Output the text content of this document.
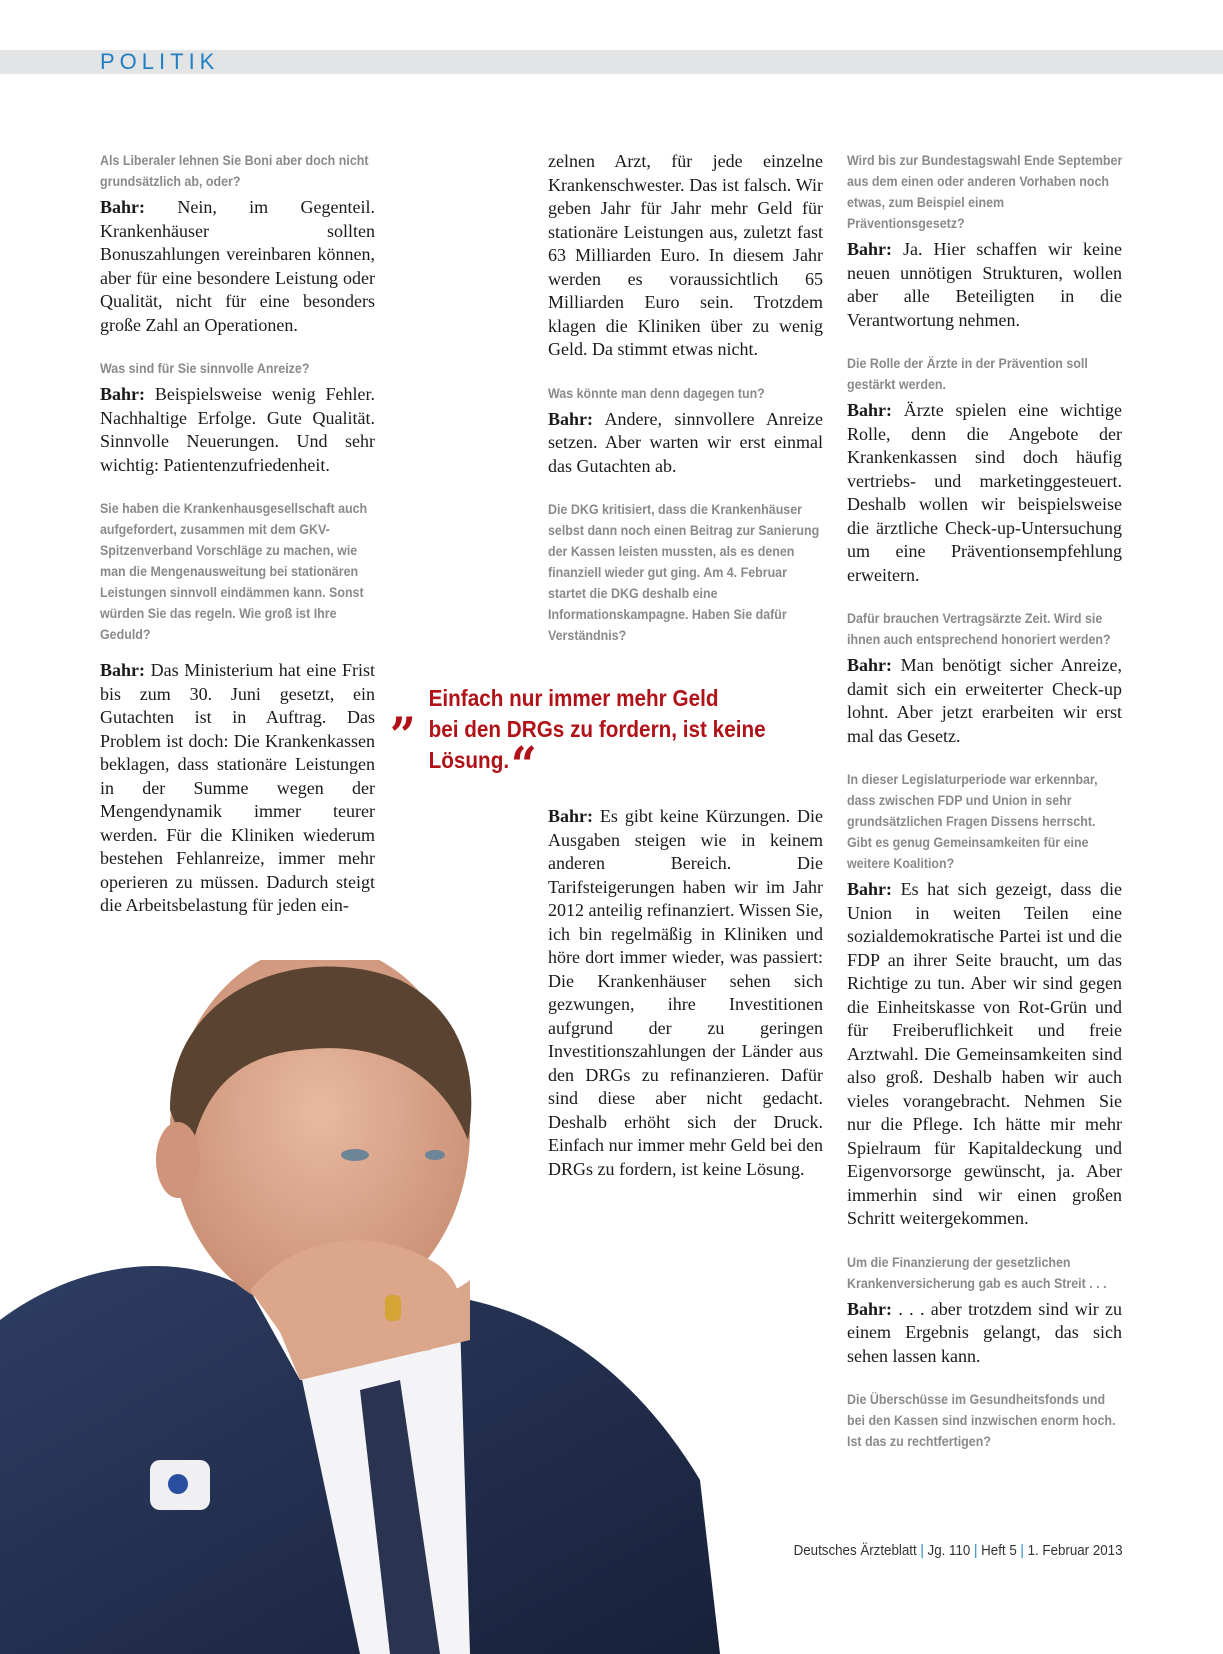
POLITIK
Als Liberaler lehnen Sie Boni aber doch nicht grundsätzlich ab, oder?

Bahr: Nein, im Gegenteil. Krankenhäuser sollten Bonuszahlungen vereinbaren können, aber für eine besondere Leistung oder Qualität, nicht für eine besonders große Zahl an Operationen.

Was sind für Sie sinnvolle Anreize?

Bahr: Beispielsweise wenig Fehler. Nachhaltige Erfolge. Gute Qualität. Sinnvolle Neuerungen. Und sehr wichtig: Patientenzufriedenheit.

Sie haben die Krankenhausgesellschaft auch aufgefordert, zusammen mit dem GKV-Spitzenverband Vorschläge zu machen, wie man die Mengenausweitung bei stationären Leistungen sinnvoll eindämmen kann. Sonst würden Sie das regeln. Wie groß ist Ihre Geduld?

Bahr: Das Ministerium hat eine Frist bis zum 30. Juni gesetzt, ein Gutachten ist in Auftrag. Das Problem ist doch: Die Krankenkassen beklagen, dass stationäre Leistungen in der Summe wegen der Mengendynamik immer teurer werden. Für die Kliniken wiederum bestehen Fehlanreize, immer mehr operieren zu müssen. Dadurch steigt die Arbeitsbelastung für jeden ein-

zelnen Arzt, für jede einzelne Krankenschwester. Das ist falsch. Wir geben Jahr für Jahr mehr Geld für stationäre Leistungen aus, zuletzt fast 63 Milliarden Euro. In diesem Jahr werden es voraussichtlich 65 Milliarden Euro sein. Trotzdem klagen die Kliniken über zu wenig Geld. Da stimmt etwas nicht.

Was könnte man denn dagegen tun?

Bahr: Andere, sinnvollere Anreize setzen. Aber warten wir erst einmal das Gutachten ab.

Die DKG kritisiert, dass die Krankenhäuser selbst dann noch einen Beitrag zur Sanierung der Kassen leisten mussten, als es denen finanziell wieder gut ging. Am 4. Februar startet die DKG deshalb eine Informationskampagne. Haben Sie dafür Verständnis?
„ Einfach nur immer mehr Geld
bei den DRGs zu fordern, ist keine
Lösung.“

Bahr: Es gibt keine Kürzungen. Die Ausgaben steigen wie in keinem anderen Bereich. Die Tarifsteigerungen haben wir im Jahr 2012 anteilig refinanziert. Wissen Sie, ich bin regelmäßig in Kliniken und höre dort immer wieder, was passiert: Die Krankenhäuser sehen sich gezwungen, ihre Investitionen aufgrund der zu geringen Investitionszahlungen der Länder aus den DRGs zu refinanzieren. Dafür sind diese aber nicht gedacht. Deshalb erhöht sich der Druck. Einfach nur immer mehr Geld bei den DRGs zu fordern, ist keine Lösung.

Wird bis zur Bundestagswahl Ende September aus dem einen oder anderen Vorhaben noch etwas, zum Beispiel einem Präventionsgesetz?

Bahr: Ja. Hier schaffen wir keine neuen unnötigen Strukturen, wollen aber alle Beteiligten in die Verantwortung nehmen.

Die Rolle der Ärzte in der Prävention soll gestärkt werden.

Bahr: Ärzte spielen eine wichtige Rolle, denn die Angebote der Krankenkassen sind doch häufig vertriebs- und marketinggesteuert. Deshalb wollen wir beispielsweise die ärztliche Check-up-Untersuchung um eine Präventionsempfehlung erweitern.

Dafür brauchen Vertragsärzte Zeit. Wird sie ihnen auch entsprechend honoriert werden?

Bahr: Man benötigt sicher Anreize, damit sich ein erweiterter Check-up lohnt. Aber jetzt erarbeiten wir erst mal das Gesetz.

In dieser Legislaturperiode war erkennbar, dass zwischen FDP und Union in sehr grundsätzlichen Fragen Dissens herrscht. Gibt es genug Gemeinsamkeiten für eine weitere Koalition?

Bahr: Es hat sich gezeigt, dass die Union in weiten Teilen eine sozialdemokratische Partei ist und die FDP an ihrer Seite braucht, um das Richtige zu tun. Aber wir sind gegen die Einheitskasse von Rot-Grün und für Freiberuflichkeit und freie Arztwahl. Die Gemeinsamkeiten sind also groß. Deshalb haben wir auch vieles vorangebracht. Nehmen Sie nur die Pflege. Ich hätte mir mehr Spielraum für Kapitaldeckung und Eigenvorsorge gewünscht, ja. Aber immerhin sind wir einen großen Schritt weitergekommen.

Um die Finanzierung der gesetzlichen Krankenversicherung gab es auch Streit . . .

Bahr: . . . aber trotzdem sind wir zu einem Ergebnis gelangt, das sich sehen lassen kann.

Die Überschüsse im Gesundheitsfonds und bei den Kassen sind inzwischen enorm hoch. Ist das zu rechtfertigen?
Deutsches Ärzteblatt | Jg. 110 | Heft 5 | 1. Februar 2013
